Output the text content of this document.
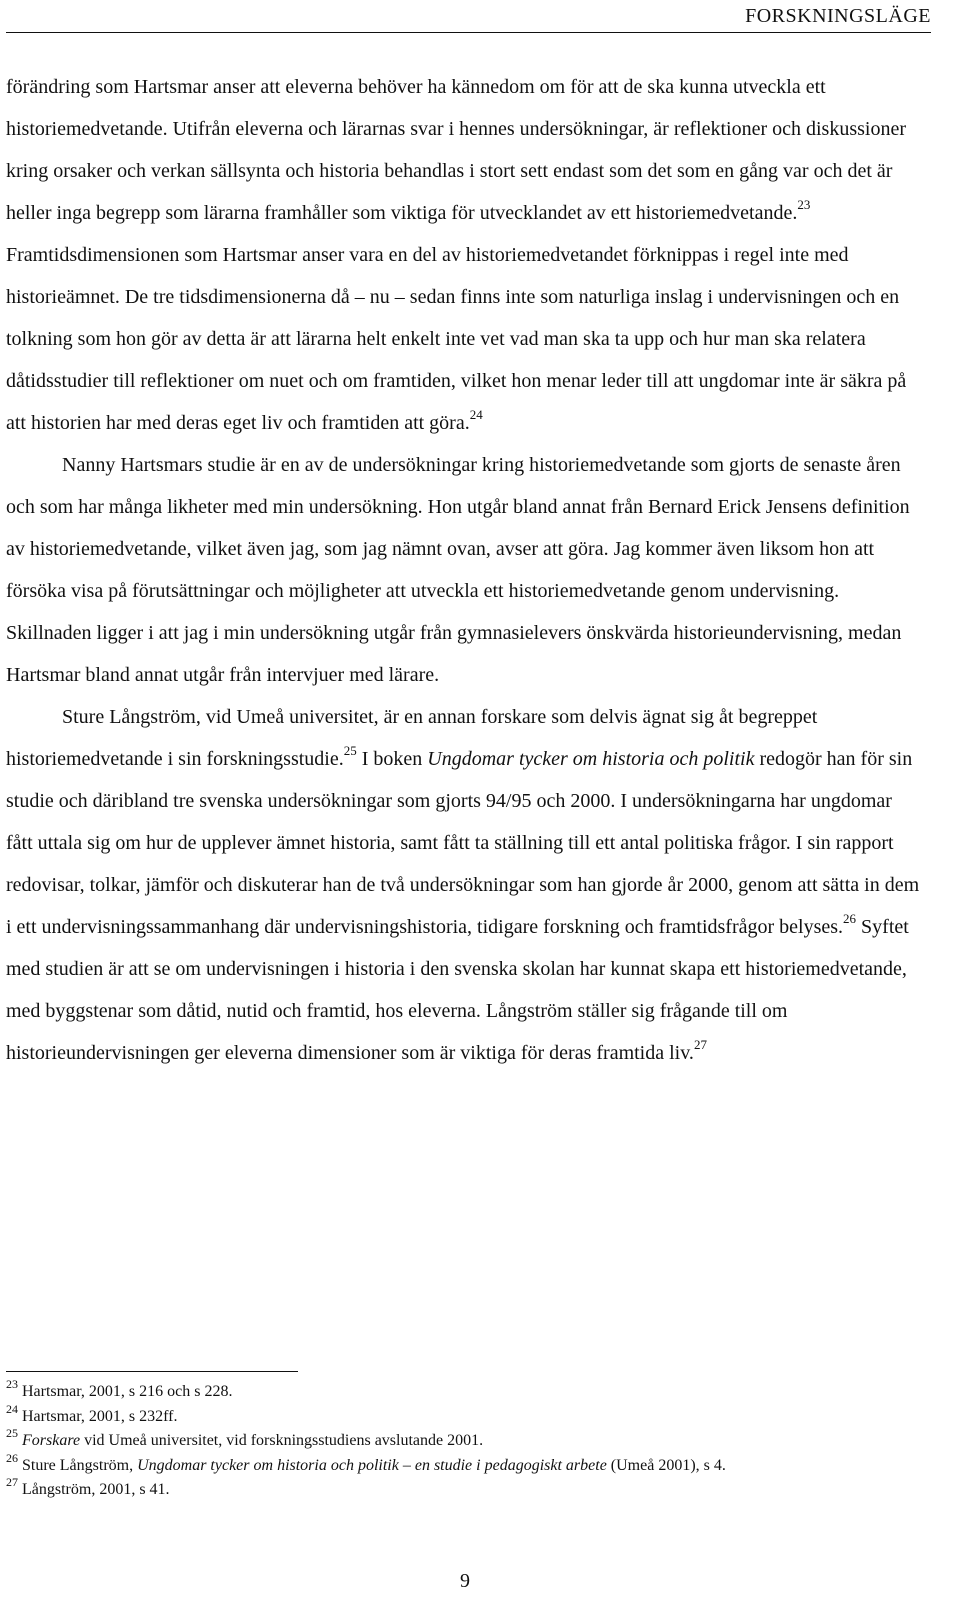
FORSKNINGSLÄGE

förändring som Hartsmar anser att eleverna behöver ha kännedom om för att de ska kunna utveckla ett historiemedvetande. Utifrån eleverna och lärarnas svar i hennes undersökningar, är reflektioner och diskussioner kring orsaker och verkan sällsynta och historia behandlas i stort sett endast som det som en gång var och det är heller inga begrepp som lärarna framhåller som viktiga för utvecklandet av ett historiemedvetande.$^{23}$ Framtidsdimensionen som Hartsmar anser vara en del av historiemedvetandet förknippas i regel inte med historieämnet. De tre tidsdimensionerna då – nu – sedan finns inte som naturliga inslag i undervisningen och en tolkning som hon gör av detta är att lärarna helt enkelt inte vet vad man ska ta upp och hur man ska relatera dåtidsstudier till reflektioner om nuet och om framtiden, vilket hon menar leder till att ungdomar inte är säkra på att historien har med deras eget liv och framtiden att göra.$^{24}$

Nanny Hartsmars studie är en av de undersökningar kring historiemedvetande som gjorts de senaste åren och som har många likheter med min undersökning. Hon utgår bland annat från Bernard Erick Jensens definition av historiemedvetande, vilket även jag, som jag nämnt ovan, avser att göra. Jag kommer även liksom hon att försöka visa på förutsättningar och möjligheter att utveckla ett historiemedvetande genom undervisning. Skillnaden ligger i att jag i min undersökning utgår från gymnasielevers önskvärda historieundervisning, medan Hartsmar bland annat utgår från intervjuer med lärare.

Sture Långström, vid Umeå universitet, är en annan forskare som delvis ägnat sig åt begreppet historiemedvetande i sin forskningsstudie.$^{25}$ I boken Ungdomar tycker om historia och politik redogör han för sin studie och däribland tre svenska undersökningar som gjorts 94/95 och 2000. I undersökningarna har ungdomar fått uttala sig om hur de upplever ämnet historia, samt fått ta ställning till ett antal politiska frågor. I sin rapport redovisar, tolkar, jämför och diskuterar han de två undersökningar som han gjorde år 2000, genom att sätta in dem i ett undervisningssammanhang där undervisningshistoria, tidigare forskning och framtidsfrågor belyses.$^{26}$ Syftet med studien är att se om undervisningen i historia i den svenska skolan har kunnat skapa ett historiemedvetande, med byggstenar som dåtid, nutid och framtid, hos eleverna. Långström ställer sig frågande till om historieundervisningen ger eleverna dimensioner som är viktiga för deras framtida liv.$^{27}$

$^{23}$ Hartsmar, 2001, s 216 och s 228.
$^{24}$ Hartsmar, 2001, s 232ff.
$^{25}$ Forskare vid Umeå universitet, vid forskningsstudiens avslutande 2001.
$^{26}$ Sture Långström, Ungdomar tycker om historia och politik – en studie i pedagogiskt arbete (Umeå 2001), s 4.
$^{27}$ Långström, 2001, s 41.
9
